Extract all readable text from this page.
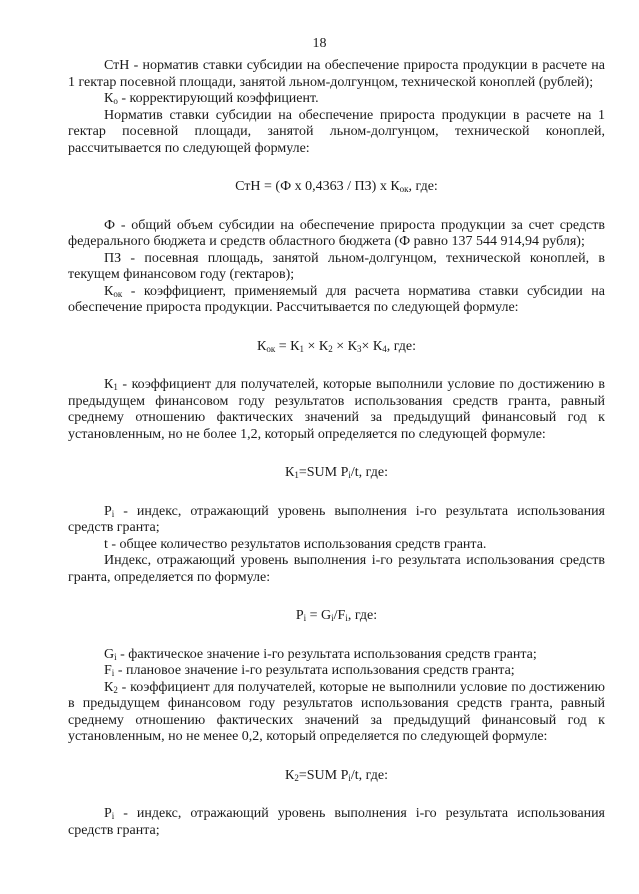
18

СтН - норматив ставки субсидии на обеспечение прироста продукции в расчете на 1 гектар посевной площади, занятой льном-долгунцом, технической коноплей (рублей);

$К_о$ - корректирующий коэффициент.

Норматив ставки субсидии на обеспечение прироста продукции в расчете на 1 гектар посевной площади, занятой льном-долгунцом, технической коноплей, рассчитывается по следующей формуле:

СтН = (Ф х 0,4363 / ПЗ) х $К_{ок}$, где:

Ф - общий объем субсидии на обеспечение прироста продукции за счет средств федерального бюджета и средств областного бюджета (Ф равно 137 544 914,94 рубля);

ПЗ - посевная площадь, занятой льном-долгунцом, технической коноплей, в текущем финансовом году (гектаров);

$К_{ок}$ - коэффициент, применяемый для расчета норматива ставки субсидии на обеспечение прироста продукции. Рассчитывается по следующей формуле:

$К_{ок} = К_1 \times К_2 \times К_3\times К_4$, где:

$К_1$ - коэффициент для получателей, которые выполнили условие по достижению в предыдущем финансовом году результатов использования средств гранта, равный среднему отношению фактических значений за предыдущий финансовый год к установленным, но не более 1,2, который определяется по следующей формуле:

$К_1=SUM$ $P_i/t$, где:

$P_i$ - индекс, отражающий уровень выполнения i-го результата использования средств гранта;

t - общее количество результатов использования средств гранта.

Индекс, отражающий уровень выполнения i-го результата использования средств гранта, определяется по формуле:

$P_i = G_i/F_i$, где:

$G_i$ - фактическое значение i-го результата использования средств гранта;

$F_i$ - плановое значение i-го результата использования средств гранта;

$К_2$ - коэффициент для получателей, которые не выполнили условие по достижению в предыдущем финансовом году результатов использования средств гранта, равный среднему отношению фактических значений за предыдущий финансовый год к установленным, но не менее 0,2, который определяется по следующей формуле:

$К_2=SUM$ $P_i/t$, где:

$P_i$ - индекс, отражающий уровень выполнения i-го результата использования средств гранта;
